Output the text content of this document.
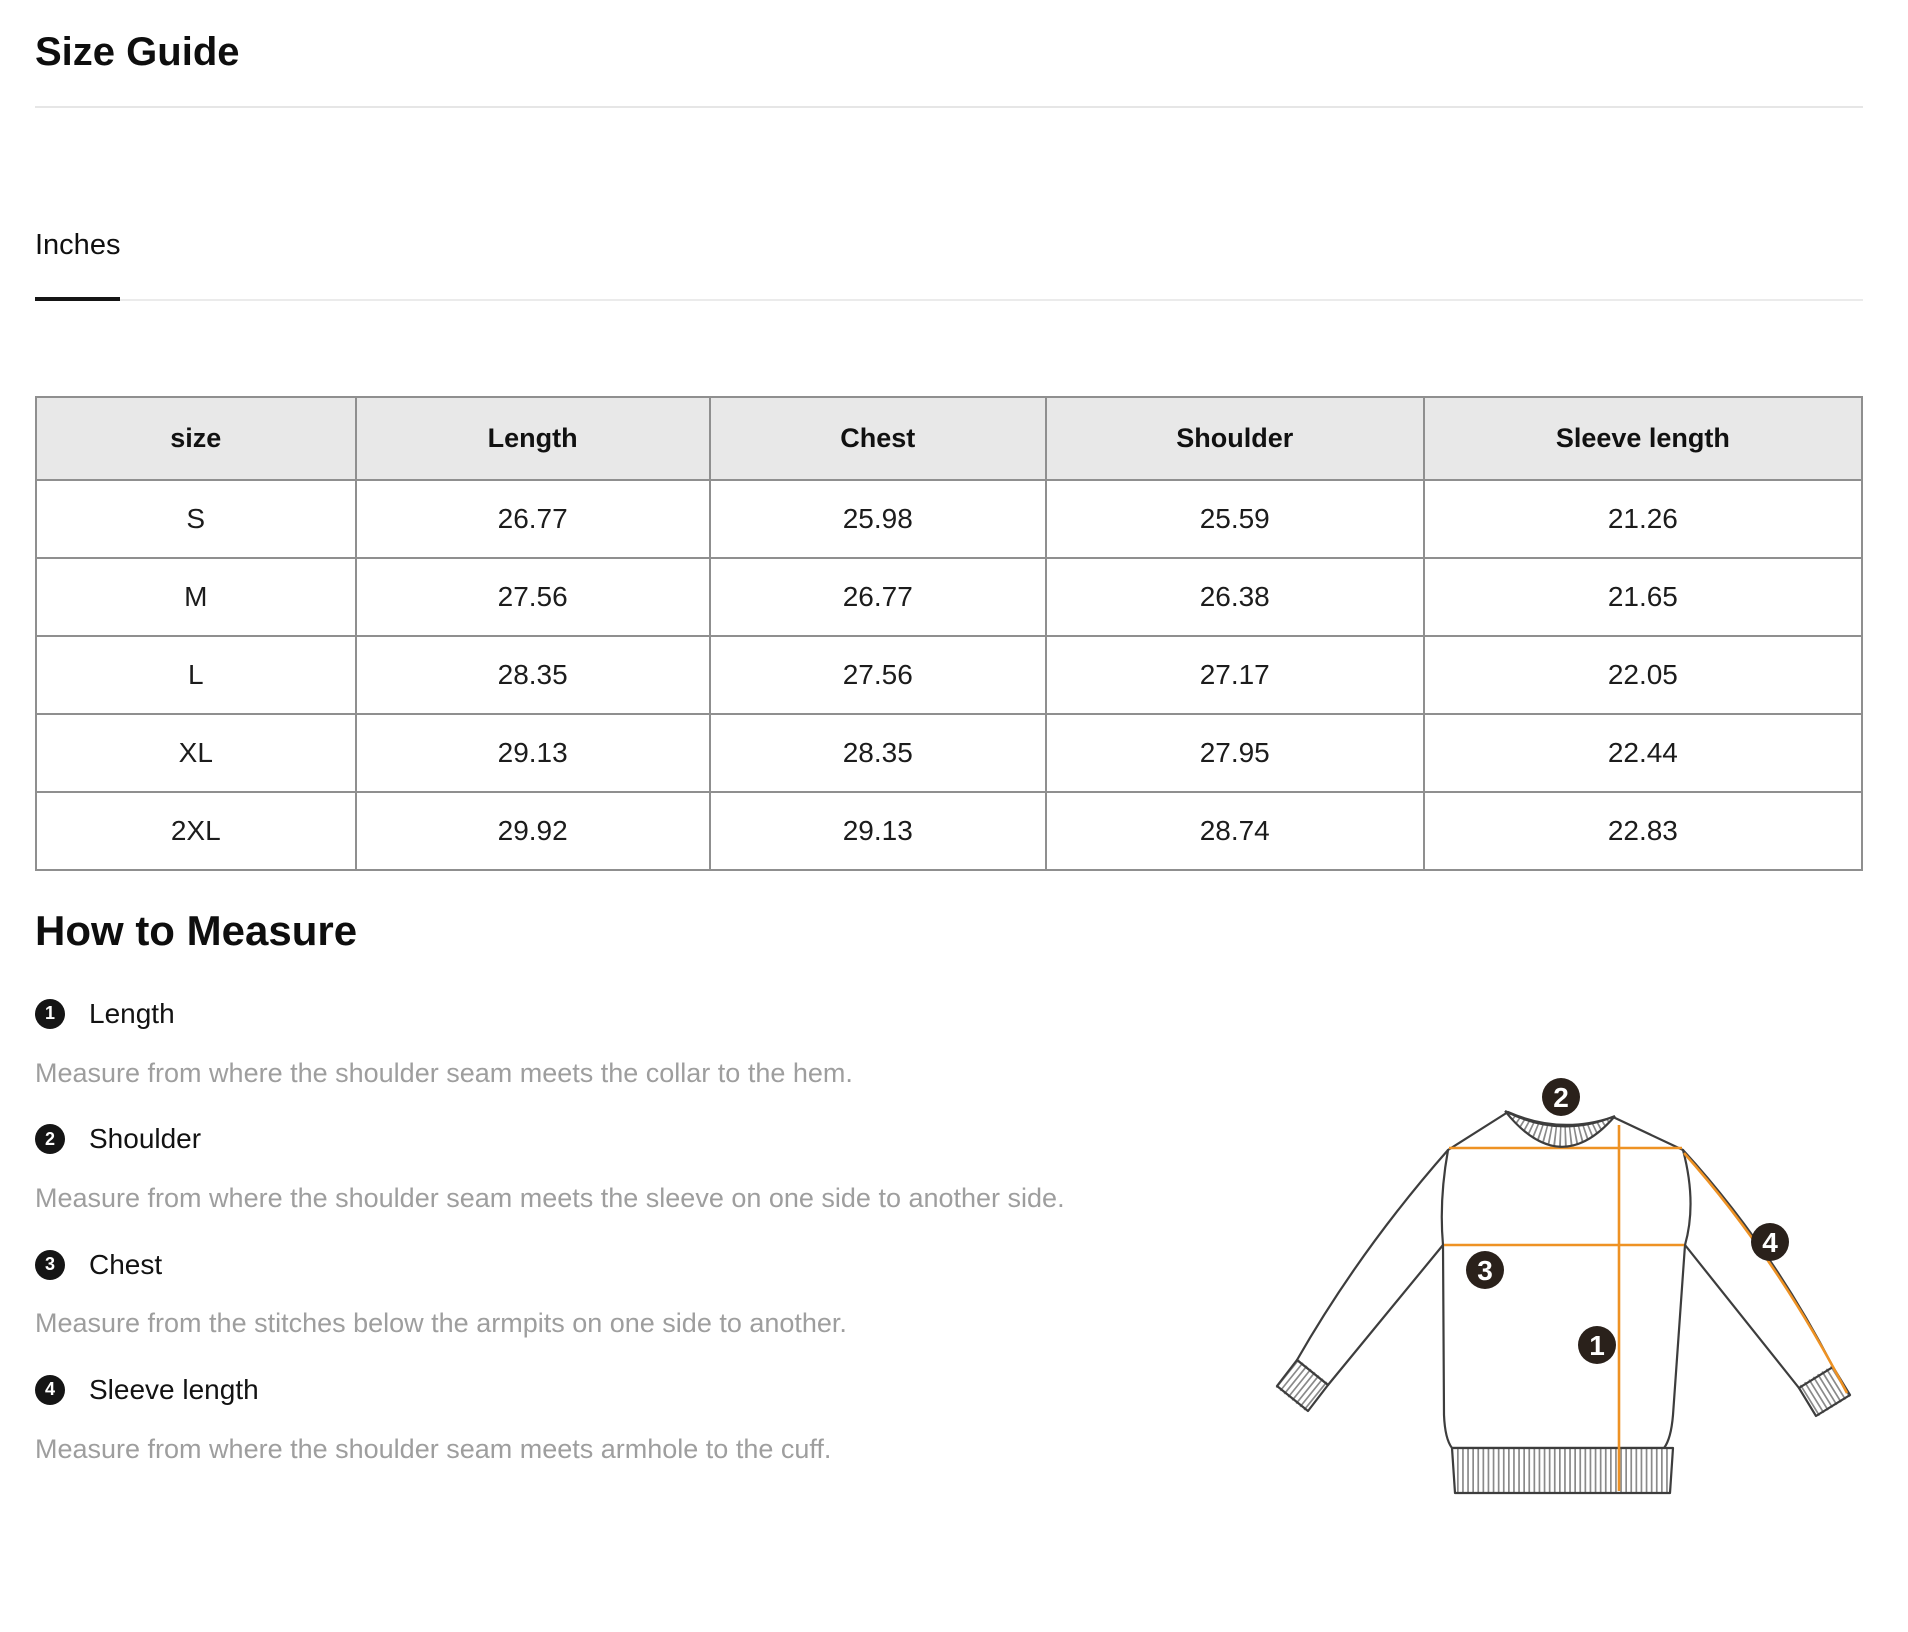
Size Guide
Inches
size	Length	Chest	Shoulder	Sleeve length
S	26.77	25.98	25.59	21.26
M	27.56	26.77	26.38	21.65
L	28.35	27.56	27.17	22.05
XL	29.13	28.35	27.95	22.44
2XL	29.92	29.13	28.74	22.83
How to Measure
1	Length

Measure from where the shoulder seam meets the collar to the hem.

2	Shoulder

Measure from where the shoulder seam meets the sleeve on one side to another side.

3	Chest

Measure from the stitches below the armpits on one side to another.

4	Sleeve length

Measure from where the shoulder seam meets armhole to the cuff.

2
3
1
4
